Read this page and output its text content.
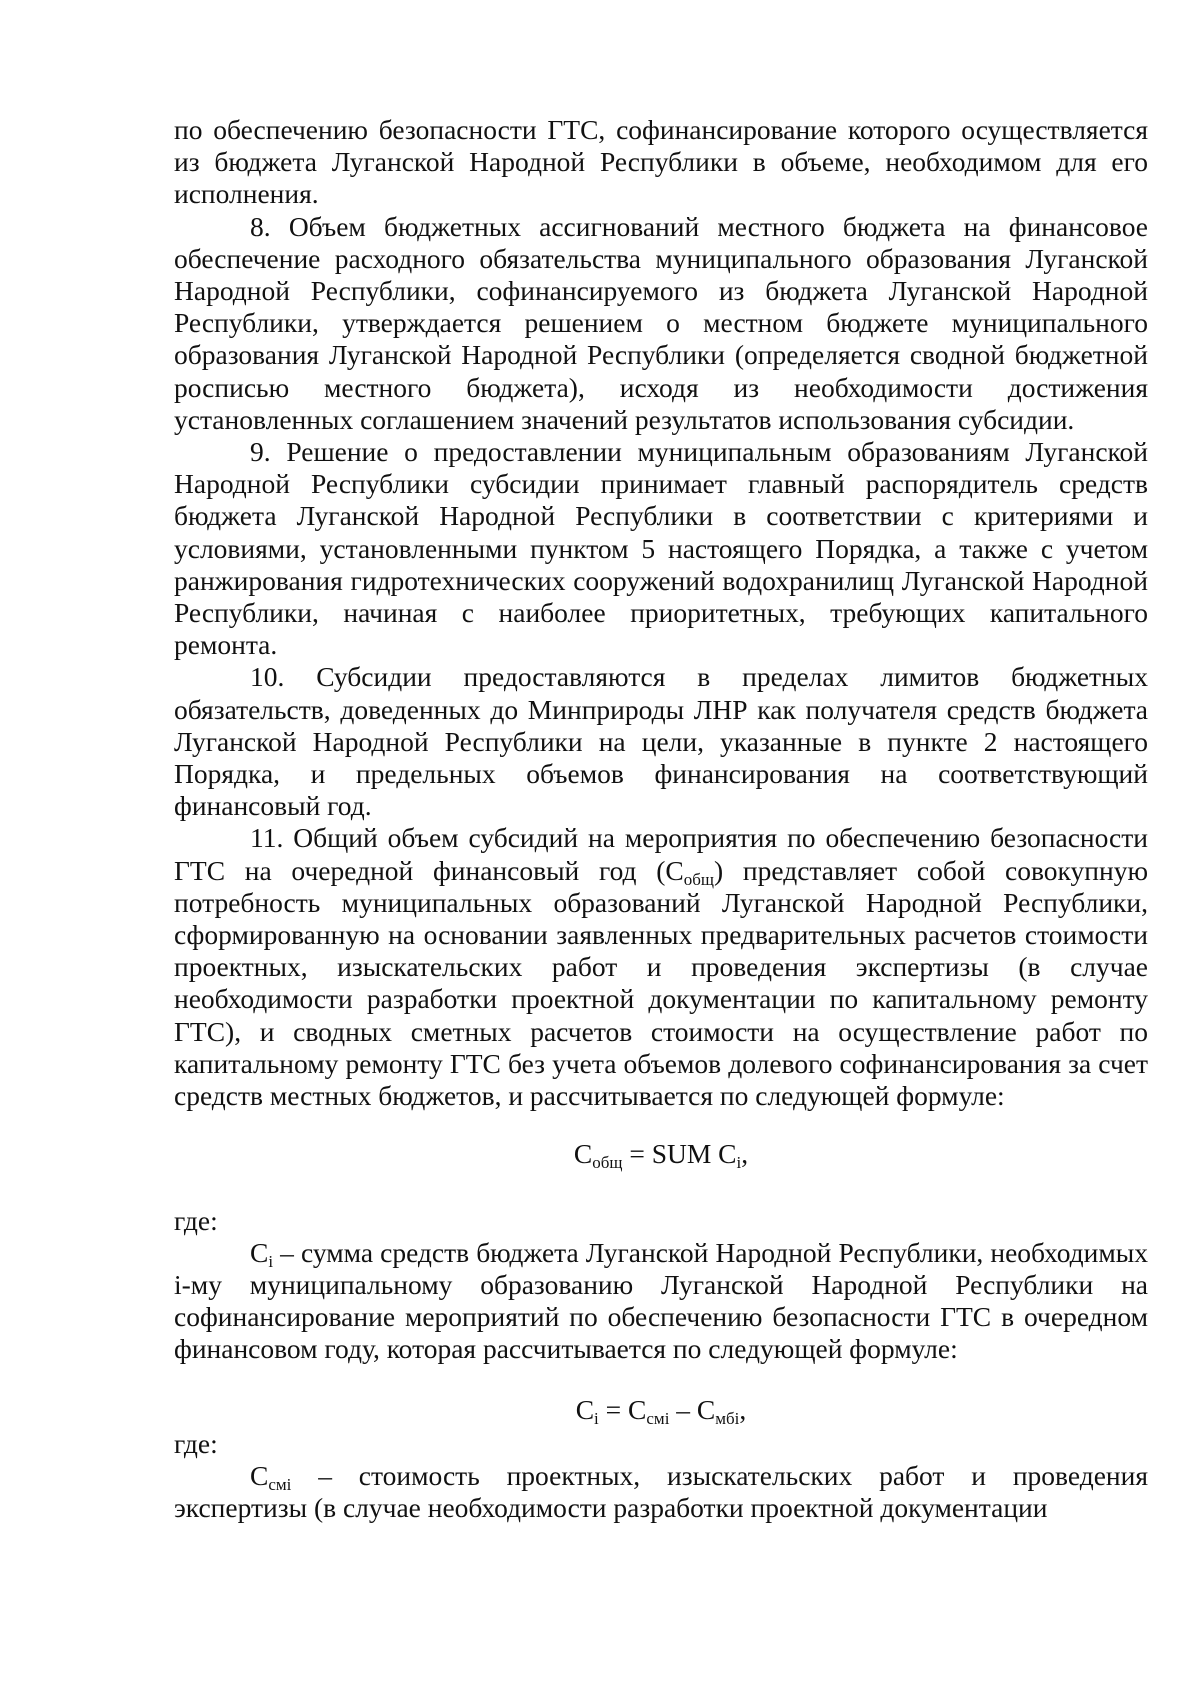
по обеспечению безопасности ГТС, софинансирование которого осуществляется из бюджета Луганской Народной Республики в объеме, необходимом для его исполнения.

8. Объем бюджетных ассигнований местного бюджета на финансовое обеспечение расходного обязательства муниципального образования Луганской Народной Республики, софинансируемого из бюджета Луганской Народной Республики, утверждается решением о местном бюджете муниципального образования Луганской Народной Республики (определяется сводной бюджетной росписью местного бюджета), исходя из необходимости достижения установленных соглашением значений результатов использования субсидии.

9. Решение о предоставлении муниципальным образованиям Луганской Народной Республики субсидии принимает главный распорядитель средств бюджета Луганской Народной Республики в соответствии с критериями и условиями, установленными пунктом 5 настоящего Порядка, а также с учетом ранжирования гидротехнических сооружений водохранилищ Луганской Народной Республики, начиная с наиболее приоритетных, требующих капитального ремонта.

10. Субсидии предоставляются в пределах лимитов бюджетных обязательств, доведенных до Минприроды ЛНР как получателя средств бюджета Луганской Народной Республики на цели, указанные в пункте 2 настоящего Порядка, и предельных объемов финансирования на соответствующий финансовый год.

11. Общий объем субсидий на мероприятия по обеспечению безопасности ГТС на очередной финансовый год $(С_{общ})$ представляет собой совокупную потребность муниципальных образований Луганской Народной Республики, сформированную на основании заявленных предварительных расчетов стоимости проектных, изыскательских работ и проведения экспертизы (в случае необходимости разработки проектной документации по капитальному ремонту ГТС), и сводных сметных расчетов стоимости на осуществление работ по капитальному ремонту ГТС без учета объемов долевого софинансирования за счет средств местных бюджетов, и рассчитывается по следующей формуле:

$С_{общ}$ = SUM $С_i$,

где:

$С_i$ – сумма средств бюджета Луганской Народной Республики, необходимых i-му муниципальному образованию Луганской Народной Республики на софинансирование мероприятий по обеспечению безопасности ГТС в очередном финансовом году, которая рассчитывается по следующей формуле:

$С_i = С_{смi} - С_{мбi}$,

где:

$С_{смi}$ – стоимость проектных, изыскательских работ и проведения экспертизы (в случае необходимости разработки проектной документации
